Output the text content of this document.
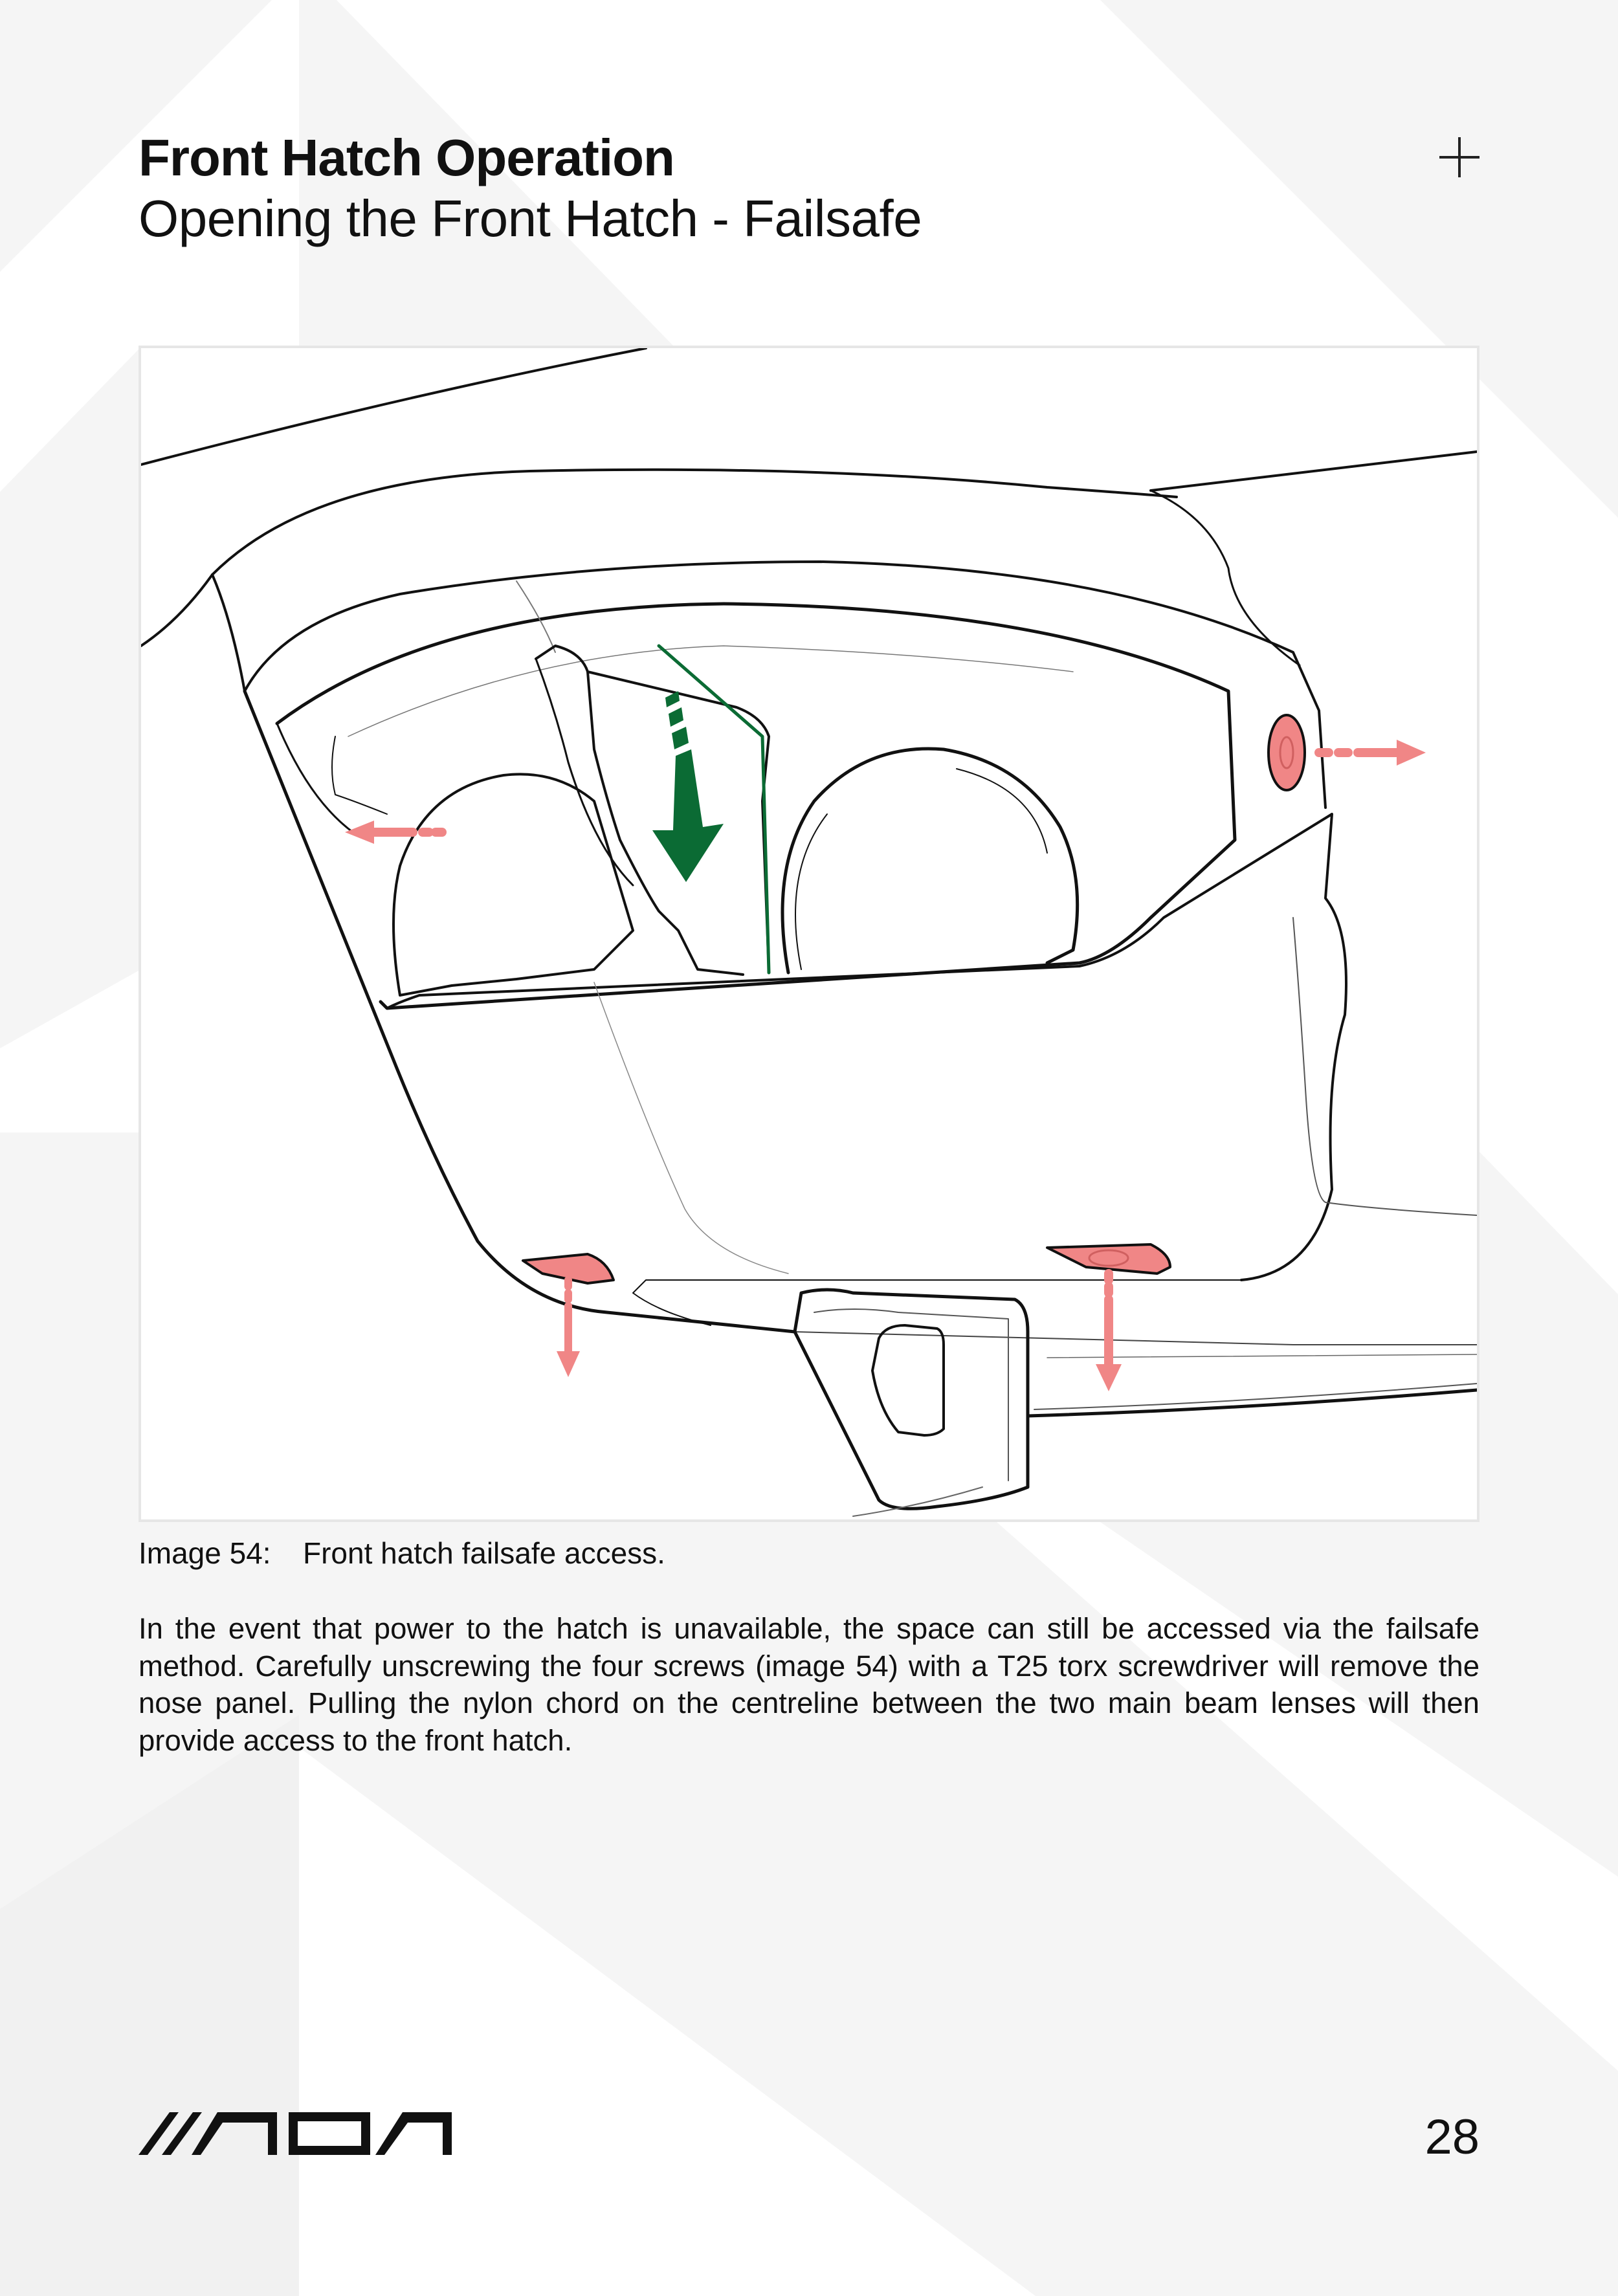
Front Hatch Operation
Opening the Front Hatch - Failsafe
Image 54: Front hatch failsafe access.
In the event that power to the hatch is unavailable, the space can still be accessed via the failsafe method. Carefully unscrewing the four screws (image 54) with a T25 torx screwdriver will remove the nose panel. Pulling the nylon chord on the centreline between the two main beam lenses will then provide access to the front hatch.
28
